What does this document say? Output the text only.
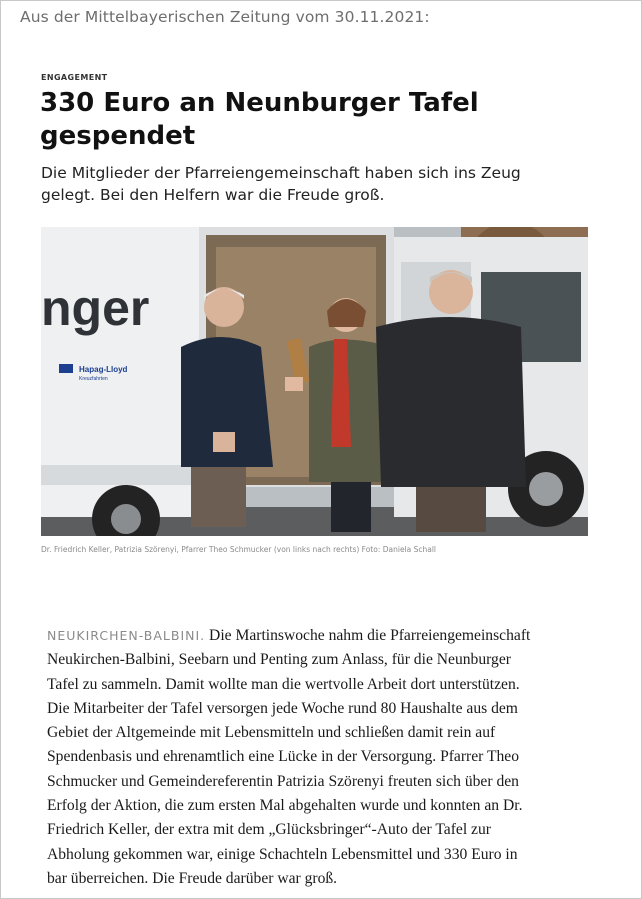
Aus der Mittelbayerischen Zeitung vom 30.11.2021:
ENGAGEMENT
330 Euro an Neunburger Tafel gespendet

Die Mitglieder der Pfarreiengemeinschaft haben sich ins Zeug gelegt. Bei den Helfern war die Freude groß.

nger
Hapag-Lloyd
Kreuzfahrten
Dr. Friedrich Keller, Patrizia Szörenyi, Pfarrer Theo Schmucker (von links nach rechts) Foto: Daniela Schall

NEUKIRCHEN-BALBINI. Die Martinswoche nahm die Pfarreiengemeinschaft
Neukirchen-Balbini, Seebarn und Penting zum Anlass, für die Neunburger
Tafel zu sammeln. Damit wollte man die wertvolle Arbeit dort unterstützen.
Die Mitarbeiter der Tafel versorgen jede Woche rund 80 Haushalte aus dem
Gebiet der Altgemeinde mit Lebensmitteln und schließen damit rein auf
Spendenbasis und ehrenamtlich eine Lücke in der Versorgung. Pfarrer Theo
Schmucker und Gemeindereferentin Patrizia Szörenyi freuten sich über den
Erfolg der Aktion, die zum ersten Mal abgehalten wurde und konnten an Dr.
Friedrich Keller, der extra mit dem „Glücksbringer“-Auto der Tafel zur
Abholung gekommen war, einige Schachteln Lebensmittel und 330 Euro in
bar überreichen. Die Freude darüber war groß.
